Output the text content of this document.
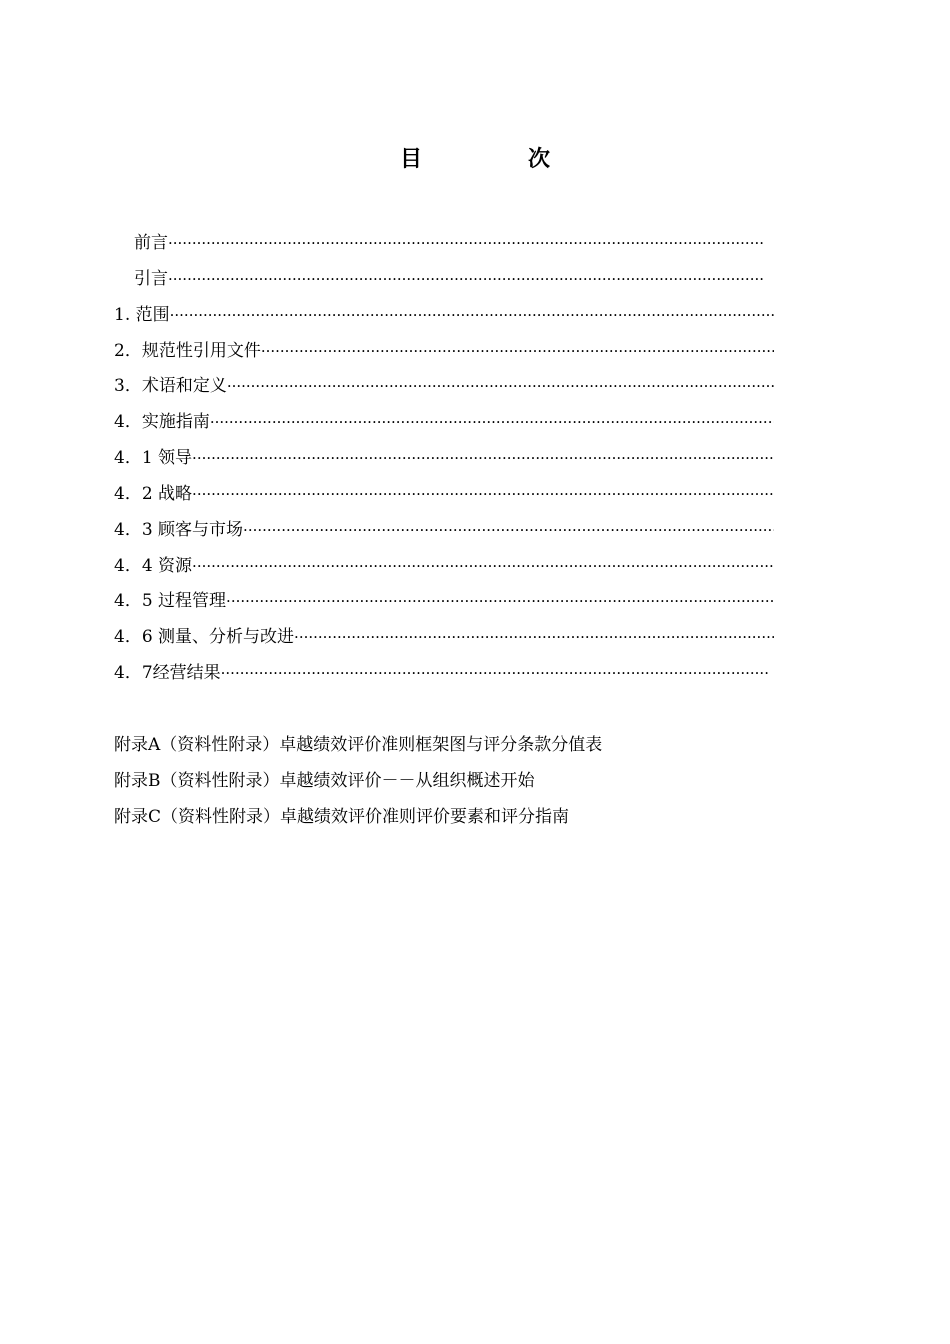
目　次
前言
·····
引言
·····
1. 范围
·····
2．规范性引用文件
·····
3．术语和定义
·····
4．实施指南
·····
4．1 领导
·····
4．2 战略
·····
4．3 顾客与市场
·····
4．4 资源
·····
4．5 过程管理
·····
4．6 测量、分析与改进
·····
4．7经营结果
·····
附录A（资料性附录）卓越绩效评价准则框架图与评分条款分值表
附录B（资料性附录）卓越绩效评价－－从组织概述开始
附录C（资料性附录）卓越绩效评价准则评价要素和评分指南
